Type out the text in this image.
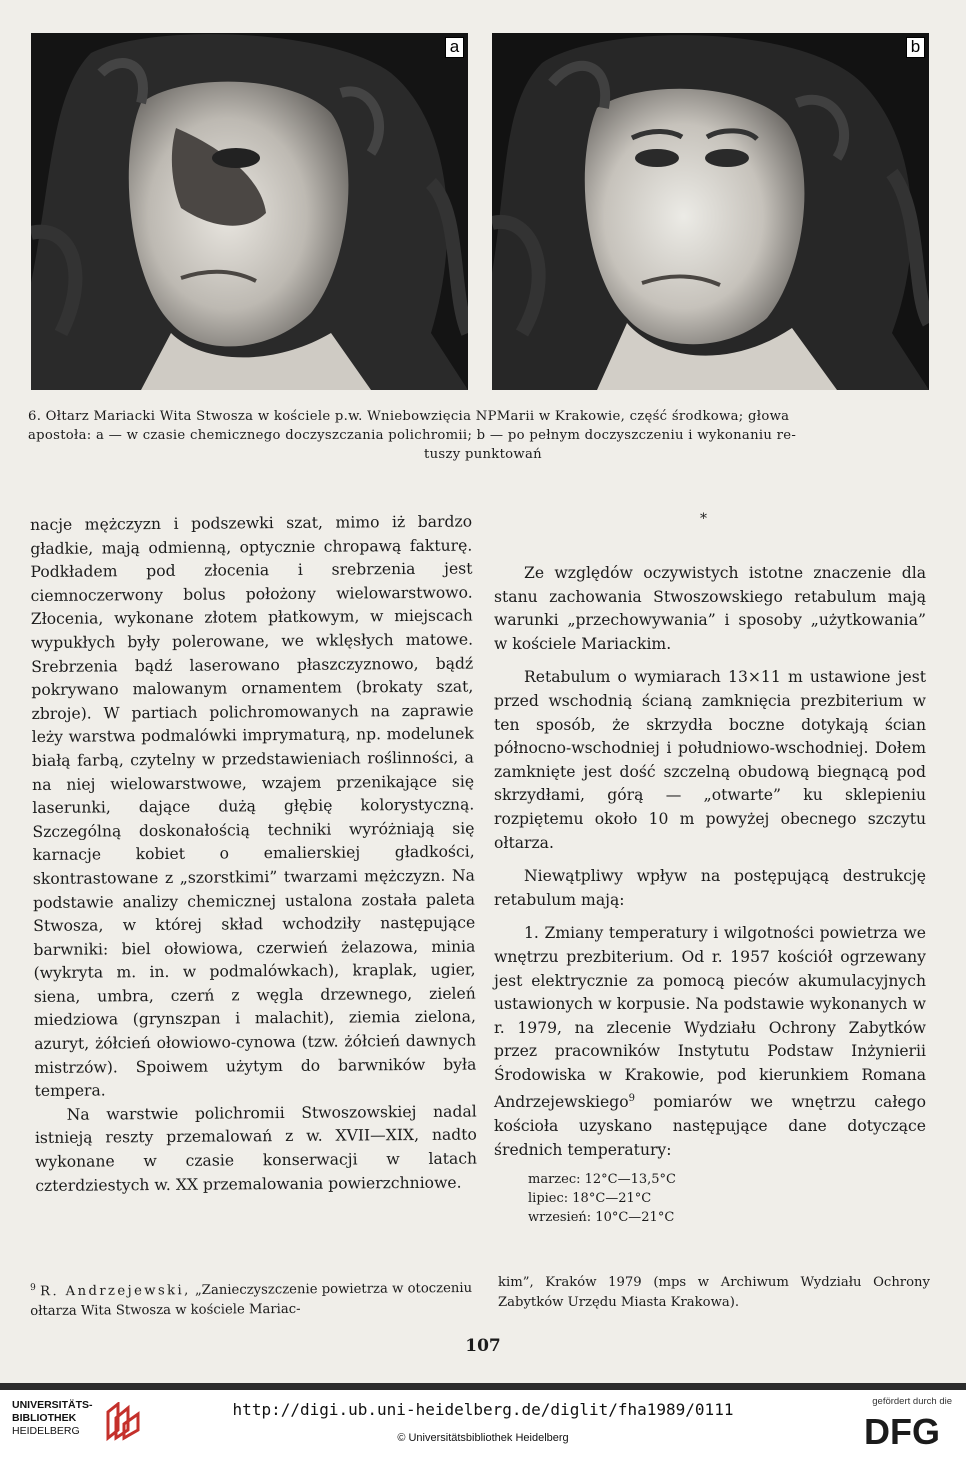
a	b
6. Ołtarz Mariacki Wita Stwosza w kościele p.w. Wniebowzięcia NPMarii w Krakowie, część środkowa; głowa
apostoła: a — w czasie chemicznego doczyszczania polichromii; b — po pełnym doczyszczeniu i wykonaniu re-
tuszy punktowań

nacje mężczyzn i podszewki szat, mimo iż bardzo gładkie, mają odmienną, optycznie chropawą fakturę. Podkładem pod złocenia i srebrzenia jest ciemnoczerwony bolus położony wielowarstwowo. Złocenia, wykonane złotem płatkowym, w miejscach wypukłych były polerowane, we wklęsłych matowe. Srebrzenia bądź laserowano płaszczyznowo, bądź pokrywano malowanym ornamentem (brokaty szat, zbroje). W partiach polichromowanych na zaprawie leży warstwa podmalówki imprymaturą, np. modelunek białą farbą, czytelny w przedstawieniach roślinności, a na niej wielowarstwowe, wzajem przenikające się laserunki, dające dużą głębię kolorystyczną. Szczególną doskonałością techniki wyróżniają się karnacje kobiet o emalierskiej gładkości, skontrastowane z „szorstkimi” twarzami mężczyzn. Na podstawie analizy chemicznej ustalona została paleta Stwosza, w której skład wchodziły następujące barwniki: biel ołowiowa, czerwień żelazowa, minia (wykryta m. in. w podmalówkach), kraplak, ugier, siena, umbra, czerń z węgla drzewnego, zieleń miedziowa (grynszpan i malachit), ziemia zielona, azuryt, żółcień ołowiowo-cynowa (tzw. żółcień dawnych mistrzów). Spoiwem użytym do barwników była tempera.

Na warstwie polichromii Stwoszowskiej nadal istnieją reszty przemalowań z w. XVII—XIX, nadto wykonane w czasie konserwacji w latach czterdziestych w. XX przemalowania powierzchniowe.

*

Ze względów oczywistych istotne znaczenie dla stanu zachowania Stwoszowskiego retabulum mają warunki „przechowywania” i sposoby „użytkowania” w kościele Mariackim.

Retabulum o wymiarach 13×11 m ustawione jest przed wschodnią ścianą zamknięcia prezbiterium w ten sposób, że skrzydła boczne dotykają ścian północno-wschodniej i południowo-wschodniej. Dołem zamknięte jest dość szczelną obudową biegnącą pod skrzydłami, górą — „otwarte” ku sklepieniu rozpiętemu około 10 m powyżej obecnego szczytu ołtarza.

Niewątpliwy wpływ na postępującą destrukcję retabulum mają:

1. Zmiany temperatury i wilgotności powietrza we wnętrzu prezbiterium. Od r. 1957 kościół ogrzewany jest elektrycznie za pomocą pieców akumulacyjnych ustawionych w korpusie. Na podstawie wykonanych w r. 1979, na zlecenie Wydziału Ochrony Zabytków przez pracowników Instytutu Podstaw Inżynierii Środowiska w Krakowie, pod kierunkiem Romana Andrzejewskiego$^9$ pomiarów we wnętrzu całego kościoła uzyskano następujące dane dotyczące średnich temperatury:

marzec: 12°C—13,5°C
lipiec: 18°C—21°C
wrzesień: 10°C—21°C
$^9$ R. Andrzejewski, „Zanieczyszczenie powietrza w otoczeniu ołtarza Wita Stwosza w kościele Mariac-
kim”, Kraków 1979 (mps w Archiwum Wydziału Ochrony Zabytków Urzędu Miasta Krakowa).
107
UNIVERSITÄTS-
BIBLIOTHEK
HEIDELBERG
http://digi.ub.uni-heidelberg.de/diglit/fha1989/0111
© Universitätsbibliothek Heidelberg
gefördert durch die
DFG
